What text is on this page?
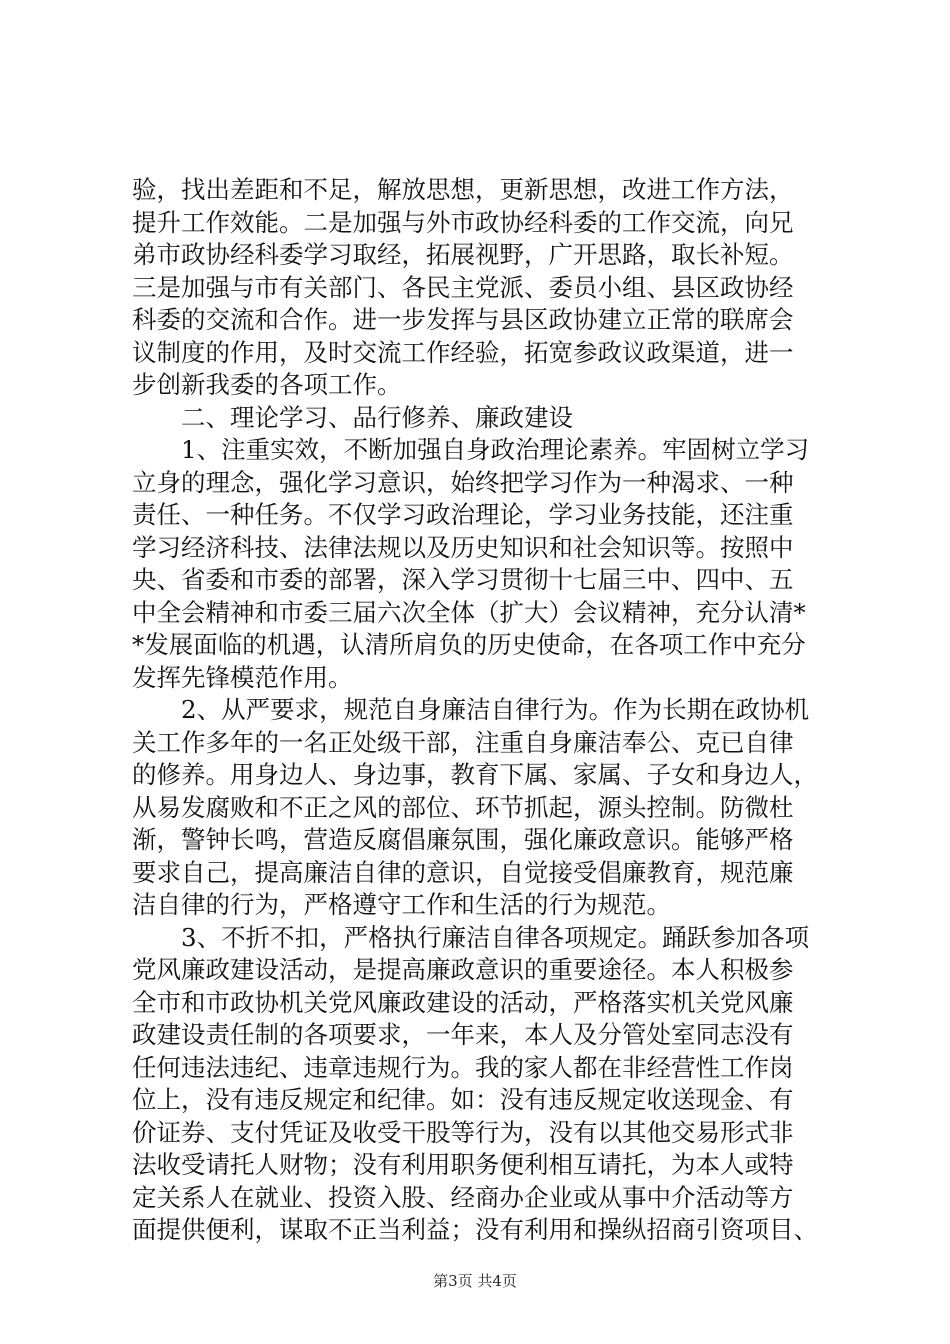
验，找出差距和不足，解放思想，更新思想，改进工作方法，
提升工作效能。二是加强与外市政协经科委的工作交流，向兄
弟市政协经科委学习取经，拓展视野，广开思路，取长补短。
三是加强与市有关部门、各民主党派、委员小组、县区政协经
科委的交流和合作。进一步发挥与县区政协建立正常的联席会
议制度的作用，及时交流工作经验，拓宽参政议政渠道，进一
步创新我委的各项工作。
　　二、理论学习、品行修养、廉政建设
　　1、注重实效，不断加强自身政治理论素养。牢固树立学习
立身的理念，强化学习意识，始终把学习作为一种渴求、一种
责任、一种任务。不仅学习政治理论，学习业务技能，还注重
学习经济科技、法律法规以及历史知识和社会知识等。按照中
央、省委和市委的部署，深入学习贯彻十七届三中、四中、五
中全会精神和市委三届六次全体（扩大）会议精神，充分认清*
*发展面临的机遇，认清所肩负的历史使命，在各项工作中充分
发挥先锋模范作用。
　　2、从严要求，规范自身廉洁自律行为。作为长期在政协机
关工作多年的一名正处级干部，注重自身廉洁奉公、克已自律
的修养。用身边人、身边事，教育下属、家属、子女和身边人，
从易发腐败和不正之风的部位、环节抓起，源头控制。防微杜
渐，警钟长鸣，营造反腐倡廉氛围，强化廉政意识。能够严格
要求自己，提高廉洁自律的意识，自觉接受倡廉教育，规范廉
洁自律的行为，严格遵守工作和生活的行为规范。
　　3、不折不扣，严格执行廉洁自律各项规定。踊跃参加各项
党风廉政建设活动，是提高廉政意识的重要途径。本人积极参
全市和市政协机关党风廉政建设的活动，严格落实机关党风廉
政建设责任制的各项要求，一年来，本人及分管处室同志没有
任何违法违纪、违章违规行为。我的家人都在非经营性工作岗
位上，没有违反规定和纪律。如：没有违反规定收送现金、有
价证券、支付凭证及收受干股等行为，没有以其他交易形式非
法收受请托人财物；没有利用职务便利相互请托，为本人或特
定关系人在就业、投资入股、经商办企业或从事中介活动等方
面提供便利，谋取不正当利益；没有利用和操纵招商引资项目、
第3页 共4页
